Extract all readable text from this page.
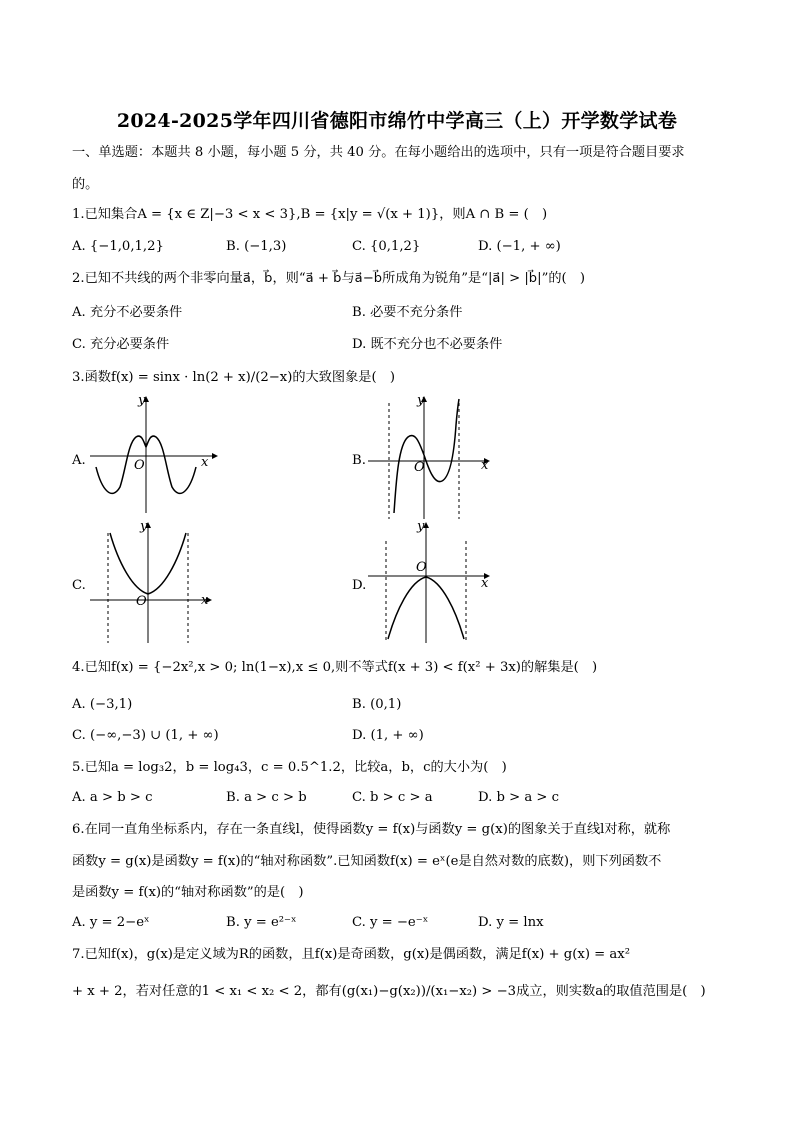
2024-2025学年四川省德阳市绵竹中学高三（上）开学数学试卷
一、单选题：本题共 8 小题，每小题 5 分，共 40 分。在每小题给出的选项中，只有一项是符合题目要求
的。
1.已知集合A = {x ∈ Z|−3 < x < 3},B = {x|y = √(x + 1)}，则A ∩ B = (　)
A. {−1,0,1,2}	B. (−1,3)	C. {0,1,2}	D. (−1, + ∞)
2.已知不共线的两个非零向量a⃗，b⃗，则“a⃗ + b⃗与a⃗−b⃗所成角为锐角”是“|a⃗| > |b⃗|”的(　)
A. 充分不必要条件	B. 必要不充分条件
C. 充分必要条件	D. 既不充分也不必要条件
3.函数f(x) = sinx · ln(2 + x)/(2−x)的大致图象是(　)
A.
y
x
O	B.
y
x
O
C.
y
x
O
D.
y
x
O
4.已知f(x) = {−2x²,x > 0; ln(1−x),x ≤ 0,则不等式f(x + 3) < f(x² + 3x)的解集是(　)
A. (−3,1)	B. (0,1)
C. (−∞,−3) ∪ (1, + ∞)	D. (1, + ∞)
5.已知a = log₃2，b = log₄3，c = 0.5^1.2，比较a，b，c的大小为(　)
A. a > b > c	B. a > c > b	C. b > c > a	D. b > a > c
6.在同一直角坐标系内，存在一条直线l，使得函数y = f(x)与函数y = g(x)的图象关于直线l对称，就称
函数y = g(x)是函数y = f(x)的“轴对称函数”.已知函数f(x) = eˣ(e是自然对数的底数)，则下列函数不
是函数y = f(x)的“轴对称函数”的是(　)
A. y = 2−eˣ	B. y = e²⁻ˣ	C. y = −e⁻ˣ	D. y = lnx
7.已知f(x)，g(x)是定义域为R的函数，且f(x)是奇函数，g(x)是偶函数，满足f(x) + g(x) = ax²
+ x + 2，若对任意的1 < x₁ < x₂ < 2，都有(g(x₁)−g(x₂))/(x₁−x₂) > −3成立，则实数a的取值范围是(　)
